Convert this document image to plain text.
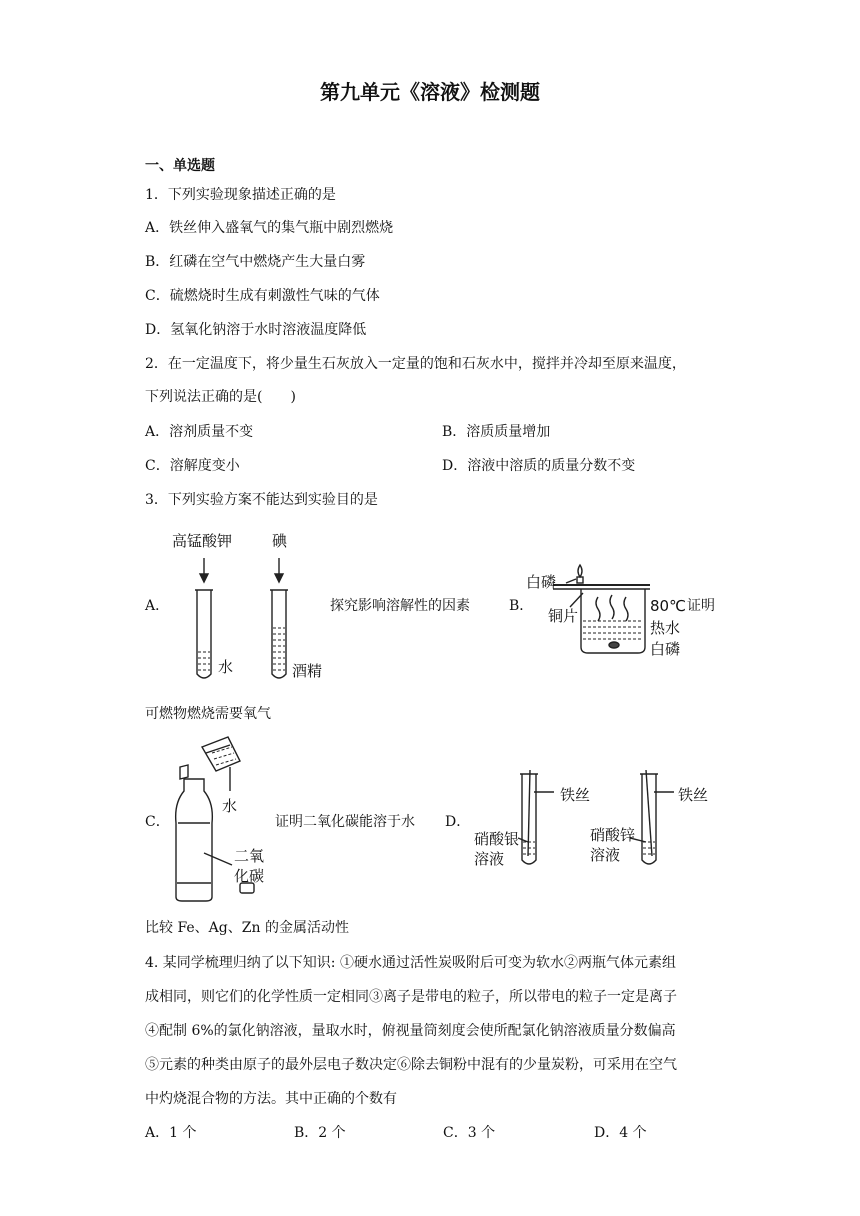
第九单元《溶液》检测题
一、单选题
1．下列实验现象描述正确的是
A．铁丝伸入盛氧气的集气瓶中剧烈燃烧
B．红磷在空气中燃烧产生大量白雾
C．硫燃烧时生成有刺激性气味的气体
D．氢氧化钠溶于水时溶液温度降低
2．在一定温度下，将少量生石灰放入一定量的饱和石灰水中，搅拌并冷却至原来温度，
下列说法正确的是(　　)
A．溶剂质量不变	B．溶质质量增加
C．溶解度变小	D．溶液中溶质的质量分数不变
3．下列实验方案不能达到实验目的是
A．
高锰酸钾	碘
水	酒精
探究影响溶解性的因素	B．
白磷
铜片
80℃
热水
白磷
证明
可燃物燃烧需要氧气
C．
水
二氧
化碳
证明二氧化碳能溶于水 D．
铁丝
硝酸银
溶液
铁丝
硝酸锌
溶液
比较 Fe、Ag、Zn 的金属活动性
4. 某同学梳理归纳了以下知识: ①硬水通过活性炭吸附后可变为软水②两瓶气体元素组
成相同，则它们的化学性质一定相同③离子是带电的粒子，所以带电的粒子一定是离子
④配制 6%的氯化钠溶液，量取水时，俯视量筒刻度会使所配氯化钠溶液质量分数偏高
⑤元素的种类由原子的最外层电子数决定⑥除去铜粉中混有的少量炭粉，可采用在空气
中灼烧混合物的方法。其中正确的个数有
A．1 个	B．2 个	C．3 个	D．4 个
